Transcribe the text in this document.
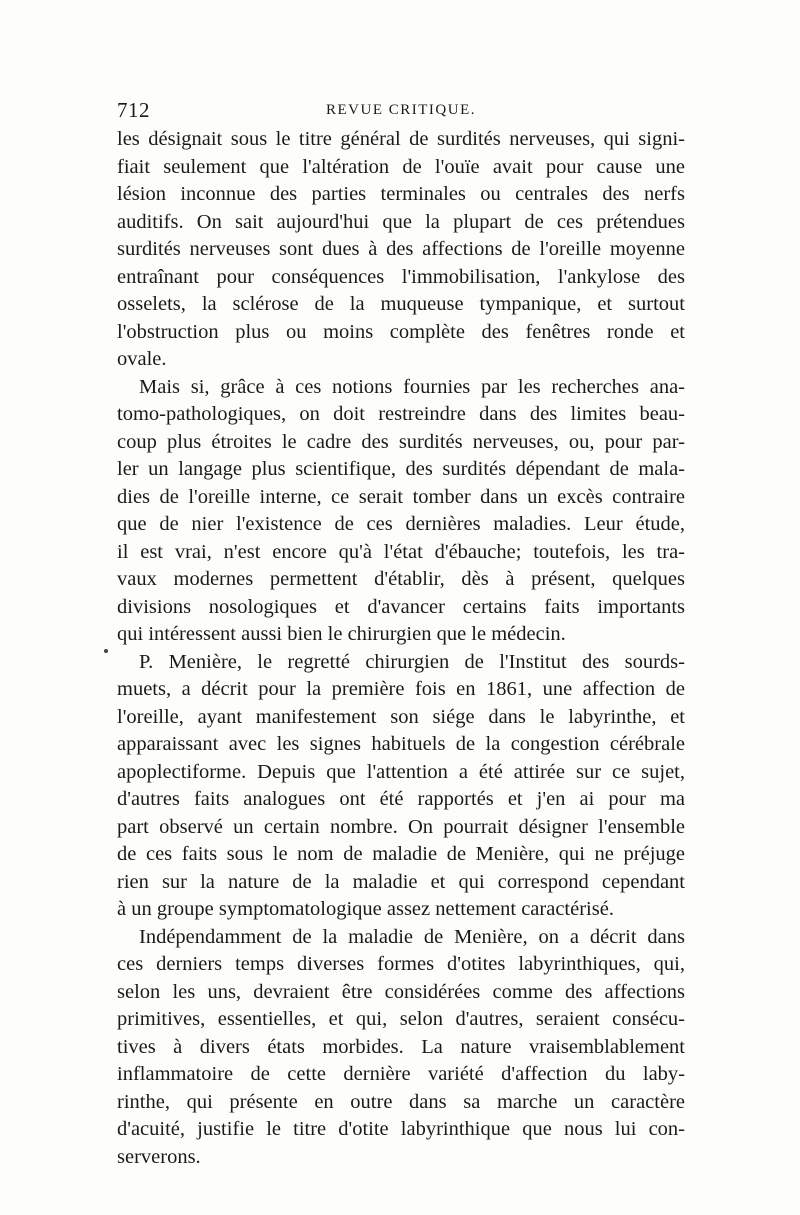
712	REVUE CRITIQUE.
les désignait sous le titre général de surdités nerveuses, qui signi-
fiait seulement que l'altération de l'ouïe avait pour cause une
lésion inconnue des parties terminales ou centrales des nerfs
auditifs. On sait aujourd'hui que la plupart de ces prétendues
surdités nerveuses sont dues à des affections de l'oreille moyenne
entraînant pour conséquences l'immobilisation, l'ankylose des
osselets, la sclérose de la muqueuse tympanique, et surtout
l'obstruction plus ou moins complète des fenêtres ronde et
ovale.
Mais si, grâce à ces notions fournies par les recherches ana-
tomo-pathologiques, on doit restreindre dans des limites beau-
coup plus étroites le cadre des surdités nerveuses, ou, pour par-
ler un langage plus scientifique, des surdités dépendant de mala-
dies de l'oreille interne, ce serait tomber dans un excès contraire
que de nier l'existence de ces dernières maladies. Leur étude,
il est vrai, n'est encore qu'à l'état d'ébauche; toutefois, les tra-
vaux modernes permettent d'établir, dès à présent, quelques
divisions nosologiques et d'avancer certains faits importants
qui intéressent aussi bien le chirurgien que le médecin.
P. Menière, le regretté chirurgien de l'Institut des sourds-
muets, a décrit pour la première fois en 1861, une affection de
l'oreille, ayant manifestement son siége dans le labyrinthe, et
apparaissant avec les signes habituels de la congestion cérébrale
apoplectiforme. Depuis que l'attention a été attirée sur ce sujet,
d'autres faits analogues ont été rapportés et j'en ai pour ma
part observé un certain nombre. On pourrait désigner l'ensemble
de ces faits sous le nom de maladie de Menière, qui ne préjuge
rien sur la nature de la maladie et qui correspond cependant
à un groupe symptomatologique assez nettement caractérisé.
Indépendamment de la maladie de Menière, on a décrit dans
ces derniers temps diverses formes d'otites labyrinthiques, qui,
selon les uns, devraient être considérées comme des affections
primitives, essentielles, et qui, selon d'autres, seraient consécu-
tives à divers états morbides. La nature vraisemblablement
inflammatoire de cette dernière variété d'affection du laby-
rinthe, qui présente en outre dans sa marche un caractère
d'acuité, justifie le titre d'otite labyrinthique que nous lui con-
serverons.
